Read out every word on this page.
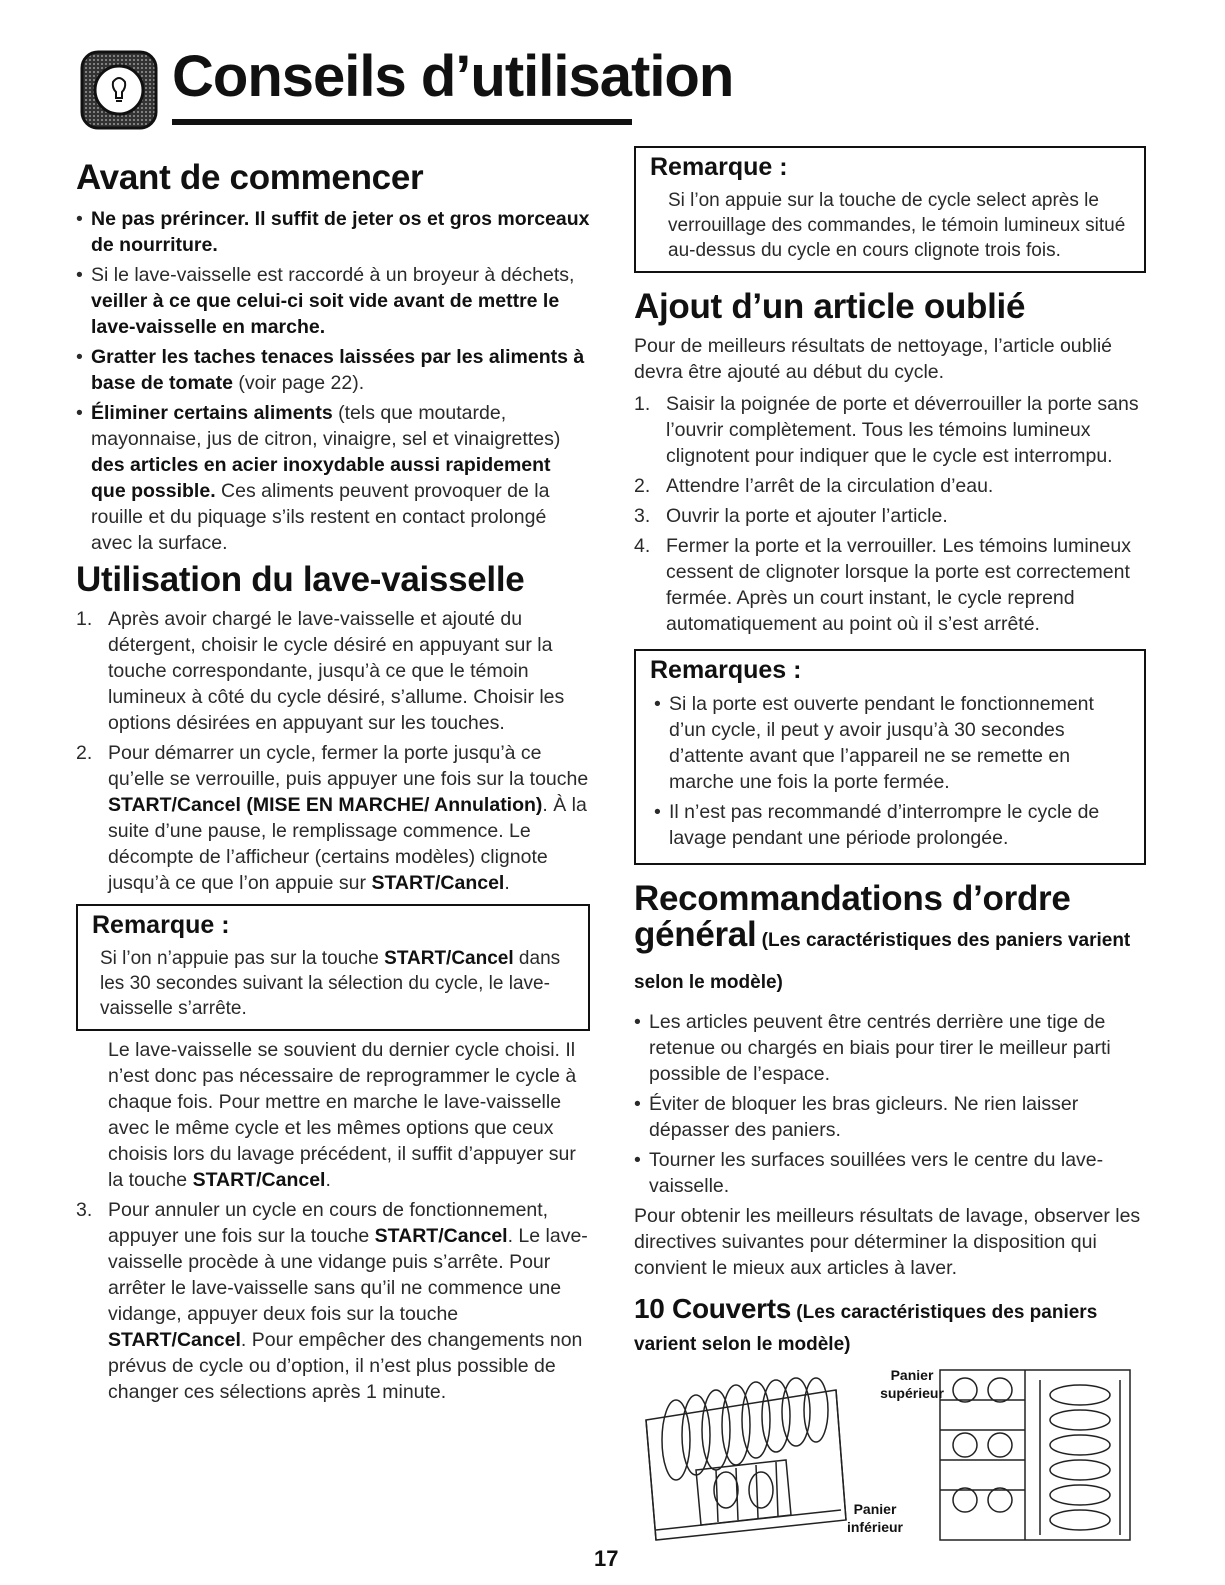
Conseils d’utilisation
Avant de commencer
• Ne pas prérincer. Il suffit de jeter os et gros morceaux de nourriture.
• Si le lave-vaisselle est raccordé à un broyeur à déchets, veiller à ce que celui-ci soit vide avant de mettre le lave-vaisselle en marche.
• Gratter les taches tenaces laissées par les aliments à base de tomate (voir page 22).
• Éliminer certains aliments (tels que moutarde, mayonnaise, jus de citron, vinaigre, sel et vinaigrettes) des articles en acier inoxydable aussi rapidement que possible. Ces aliments peuvent provoquer de la rouille et du piquage s’ils restent en contact prolongé avec la surface.
Utilisation du lave-vaisselle
1. Après avoir chargé le lave-vaisselle et ajouté du détergent, choisir le cycle désiré en appuyant sur la touche correspondante, jusqu’à ce que le témoin lumineux à côté du cycle désiré, s’allume. Choisir les options désirées en appuyant sur les touches.
2. Pour démarrer un cycle, fermer la porte jusqu’à ce qu’elle se verrouille, puis appuyer une fois sur la touche START/Cancel (MISE EN MARCHE/ Annulation). À la suite d’une pause, le remplissage commence. Le décompte de l’afficheur (certains modèles) clignote jusqu’à ce que l’on appuie sur START/Cancel.
Remarque :

Si l’on n’appuie pas sur la touche START/Cancel dans les 30 secondes suivant la sélection du cycle, le lave-vaisselle s’arrête.

Le lave-vaisselle se souvient du dernier cycle choisi. Il n’est donc pas nécessaire de reprogrammer le cycle à chaque fois. Pour mettre en marche le lave-vaisselle avec le même cycle et les mêmes options que ceux choisis lors du lavage précédent, il suffit d’appuyer sur la touche START/Cancel.

3. Pour annuler un cycle en cours de fonctionnement, appuyer une fois sur la touche START/Cancel. Le lave-vaisselle procède à une vidange puis s’arrête. Pour arrêter le lave-vaisselle sans qu’il ne commence une vidange, appuyer deux fois sur la touche START/Cancel. Pour empêcher des changements non prévus de cycle ou d’option, il n’est plus possible de changer ces sélections après 1 minute.
Remarque :

Si l’on appuie sur la touche de cycle select après le verrouillage des commandes, le témoin lumineux situé au-dessus du cycle en cours clignote trois fois.

Ajout d’un article oublié

Pour de meilleurs résultats de nettoyage, l’article oublié devra être ajouté au début du cycle.

1. Saisir la poignée de porte et déverrouiller la porte sans l’ouvrir complètement. Tous les témoins lumineux clignotent pour indiquer que le cycle est interrompu.
2. Attendre l’arrêt de la circulation d’eau.
3. Ouvrir la porte et ajouter l’article.
4. Fermer la porte et la verrouiller. Les témoins lumineux cessent de clignoter lorsque la porte est correctement fermée. Après un court instant, le cycle reprend automatiquement au point où il s’est arrêté.
Remarques :
• Si la porte est ouverte pendant le fonctionnement d’un cycle, il peut y avoir jusqu’à 30 secondes d’attente avant que l’appareil ne se remette en marche une fois la porte fermée.
• Il n’est pas recommandé d’interrompre le cycle de lavage pendant une période prolongée.
Recommandations d’ordre
général (Les caractéristiques des paniers varient selon le modèle)
• Les articles peuvent être centrés derrière une tige de retenue ou chargés en biais pour tirer le meilleur parti possible de l’espace.
• Éviter de bloquer les bras gicleurs. Ne rien laisser dépasser des paniers.
• Tourner les surfaces souillées vers le centre du lave-vaisselle.

Pour obtenir les meilleurs résultats de lavage, observer les directives suivantes pour déterminer la disposition qui convient le mieux aux articles à laver.

10 Couverts (Les caractéristiques des paniers varient selon le modèle)
Panier supérieur
Panier inférieur
17
